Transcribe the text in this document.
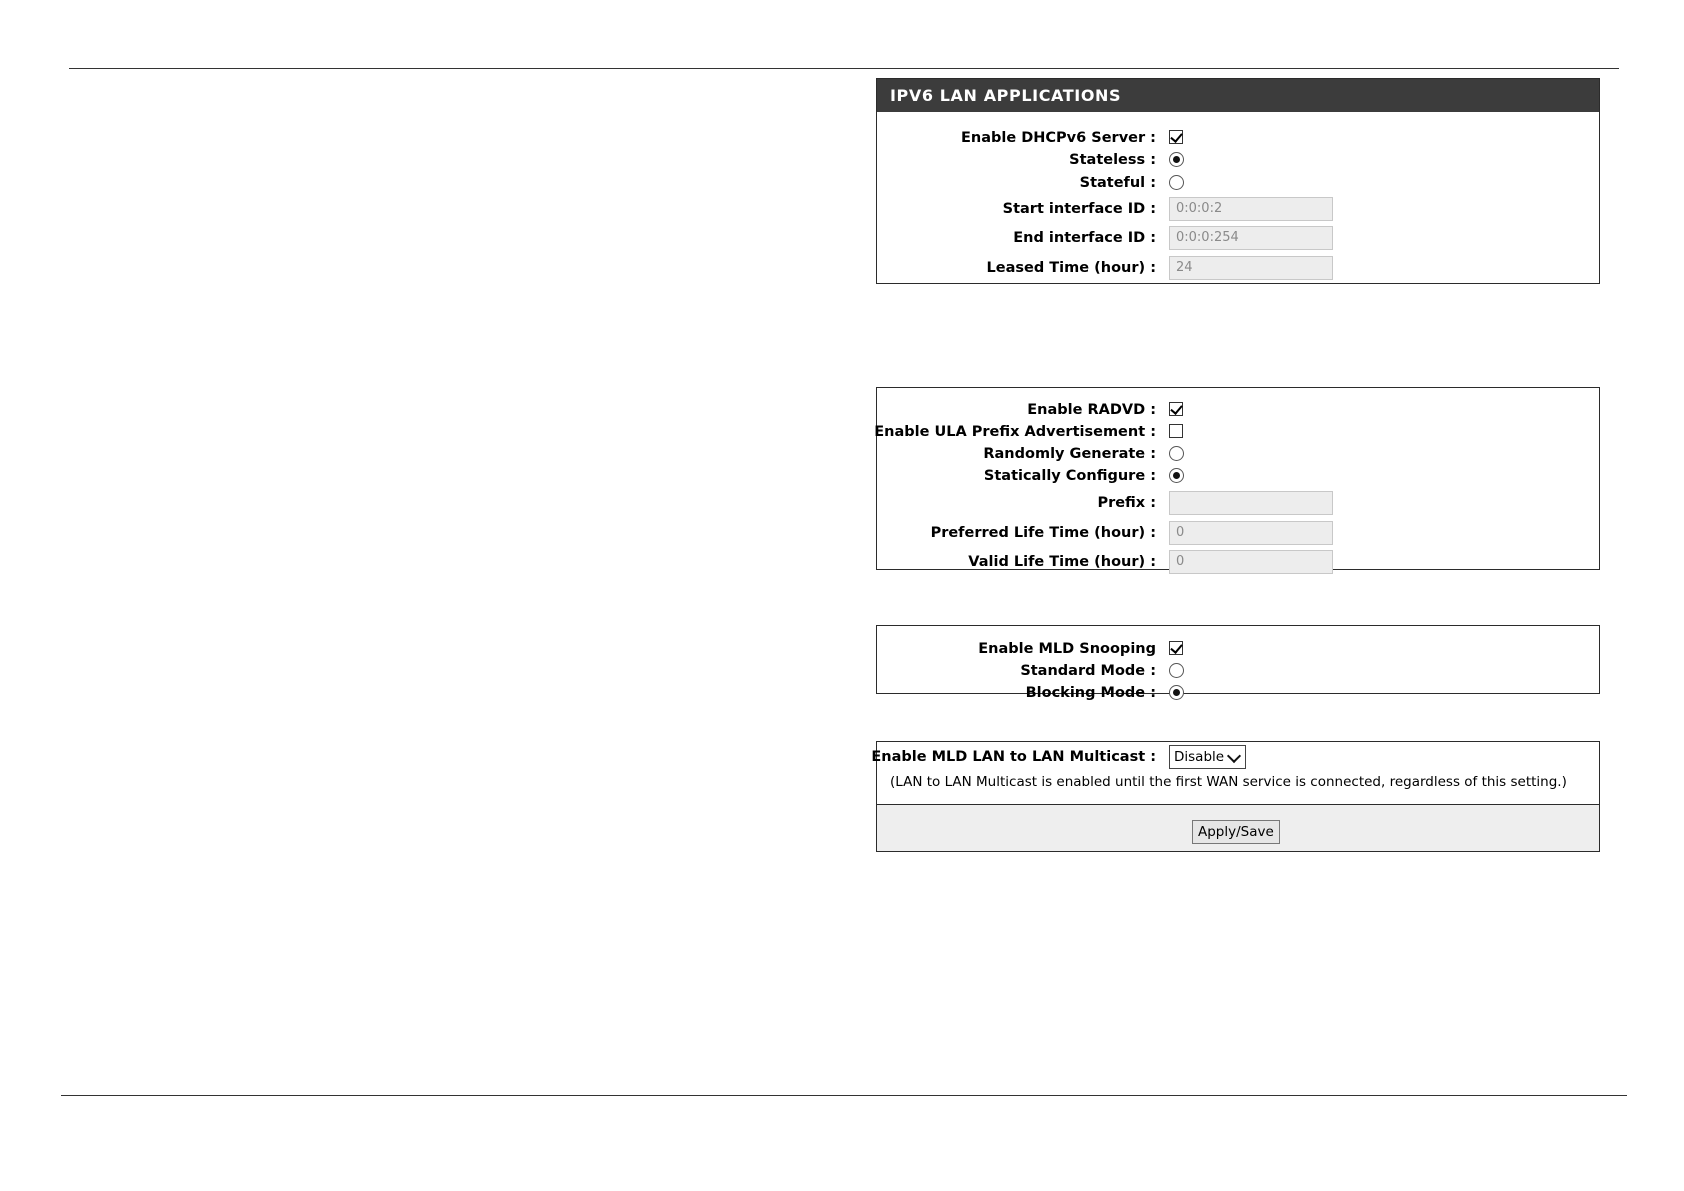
IPV6 LAN APPLICATIONS
Enable DHCPv6 Server :
Stateless :
Stateful :
Start interface ID :	0:0:0:2
End interface ID :	0:0:0:254
Leased Time (hour) :	24
Enable RADVD :
Enable ULA Prefix Advertisement :
Randomly Generate :
Statically Configure :
Prefix :
Preferred Life Time (hour) :	0
Valid Life Time (hour) :	0
Enable MLD Snooping
Standard Mode :
Blocking Mode :
Enable MLD LAN to LAN Multicast :	Disable
(LAN to LAN Multicast is enabled until the first WAN service is connected, regardless of this setting.)
Apply/Save
